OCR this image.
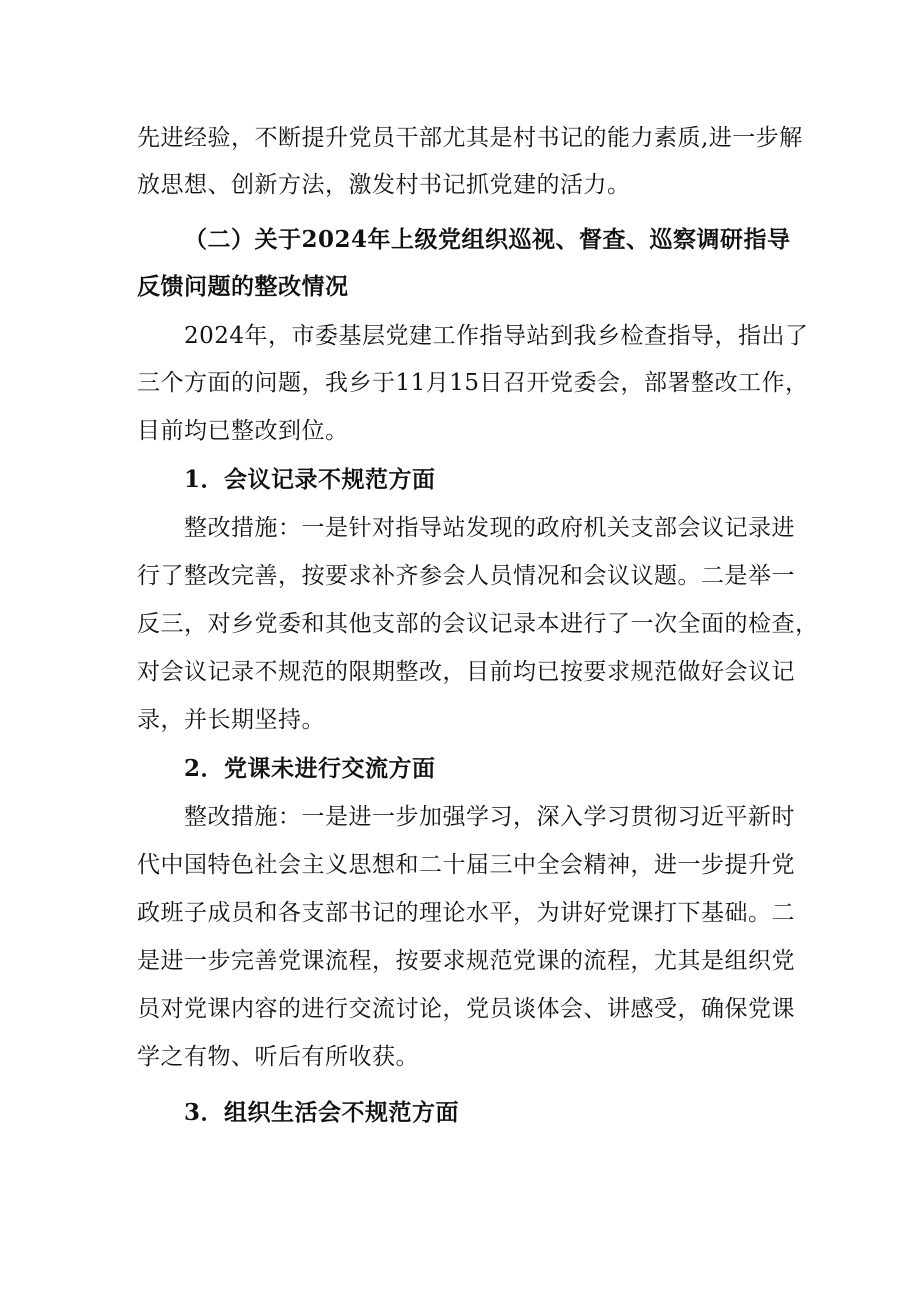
先进经验，不断提升党员干部尤其是村书记的能力素质,进一步解
放思想、创新方法，激发村书记抓党建的活力。
（二）关于2024年上级党组织巡视、督查、巡察调研指导
反馈问题的整改情况
2024年，市委基层党建工作指导站到我乡检查指导，指出了
三个方面的问题，我乡于11月15日召开党委会，部署整改工作，
目前均已整改到位。
1．会议记录不规范方面
整改措施：一是针对指导站发现的政府机关支部会议记录进
行了整改完善，按要求补齐参会人员情况和会议议题。二是举一
反三，对乡党委和其他支部的会议记录本进行了一次全面的检查，
对会议记录不规范的限期整改，目前均已按要求规范做好会议记
录，并长期坚持。
2．党课未进行交流方面
整改措施：一是进一步加强学习，深入学习贯彻习近平新时
代中国特色社会主义思想和二十届三中全会精神，进一步提升党
政班子成员和各支部书记的理论水平，为讲好党课打下基础。二
是进一步完善党课流程，按要求规范党课的流程，尤其是组织党
员对党课内容的进行交流讨论，党员谈体会、讲感受，确保党课
学之有物、听后有所收获。
3．组织生活会不规范方面
